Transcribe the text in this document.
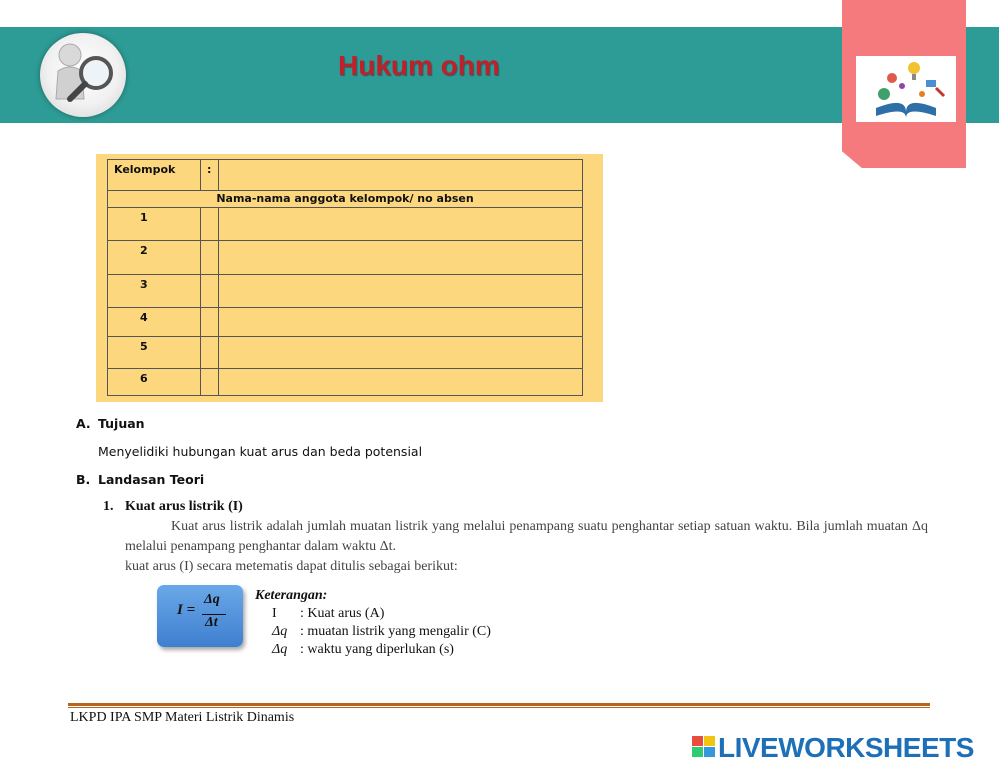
Hukum ohm
Kelompok	:	
Nama-nama anggota kelompok/ no absen		
1		
2		
3		
4		
5		
6		
A. Tujuan
Menyelidiki hubungan kuat arus dan beda potensial
B. Landasan Teori
1. Kuat arus listrik (I)
Kuat arus listrik adalah jumlah muatan listrik yang melalui penampang suatu penghantar setiap satuan waktu. Bila jumlah muatan Δq melalui penampang penghantar dalam waktu Δt.
kuat arus (I) secara metematis dapat ditulis sebagai berikut:
I =
Δq
Δt
Keterangan:
I : Kuat arus (A)
Δq : muatan listrik yang mengalir (C)
Δq : waktu yang diperlukan (s)
LKPD IPA SMP Materi Listrik Dinamis
LIVEWORKSHEETS
